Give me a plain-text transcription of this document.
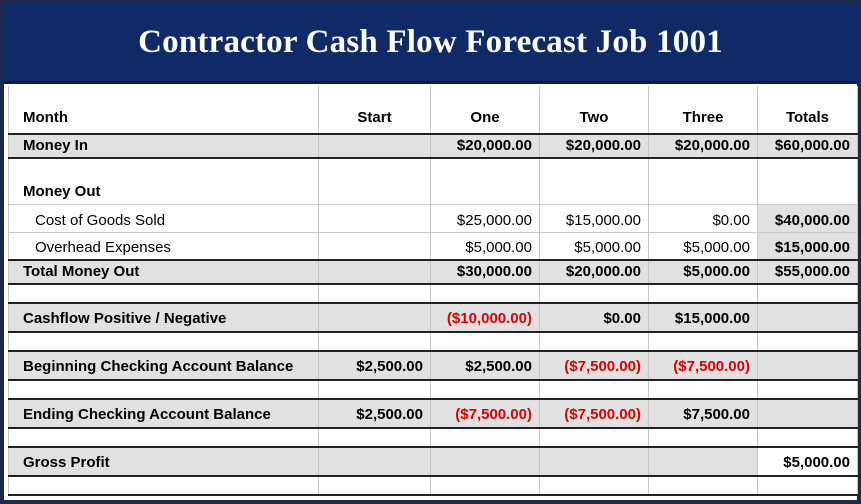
Contractor Cash Flow Forecast Job 1001
Month	Start	One	Two	Three	Totals
Money In		$20,000.00	$20,000.00	$20,000.00	$60,000.00
Money Out					
Cost of Goods Sold		$25,000.00	$15,000.00	$0.00	$40,000.00
Overhead Expenses		$5,000.00	$5,000.00	$5,000.00	$15,000.00
Total Money Out		$30,000.00	$20,000.00	$5,000.00	$55,000.00

Cashflow Positive / Negative		($10,000.00)	$0.00	$15,000.00	

Beginning Checking Account Balance	$2,500.00	$2,500.00	($7,500.00)	($7,500.00)	

Ending Checking Account Balance	$2,500.00	($7,500.00)	($7,500.00)	$7,500.00	

Gross Profit					$5,000.00
